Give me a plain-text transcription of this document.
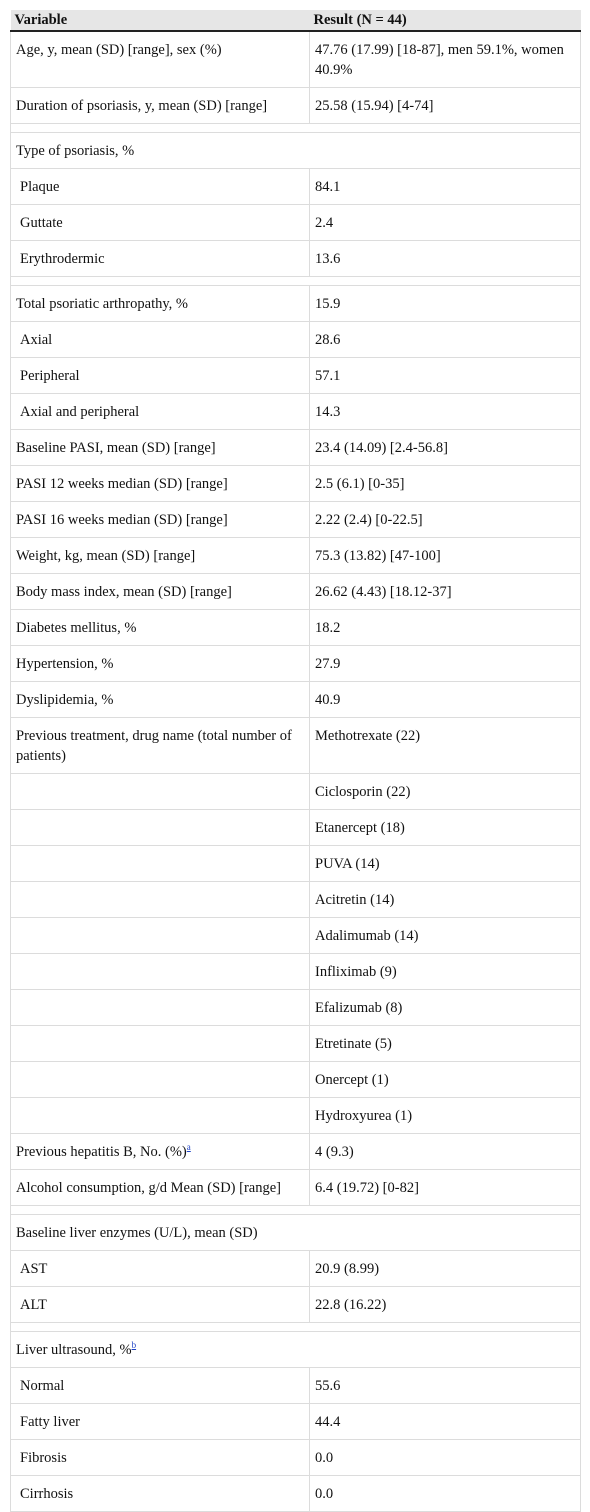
Variable	Result (N = 44)
Age, y, mean (SD) [range], sex (%)	47.76 (17.99) [18-87], men 59.1%, women 40.9%
Duration of psoriasis, y, mean (SD) [range]	25.58 (15.94) [4-74]

Type of psoriasis, %	
Plaque	84.1
Guttate	2.4
Erythrodermic	13.6

Total psoriatic arthropathy, %	15.9
Axial	28.6
Peripheral	57.1
Axial and peripheral	14.3
Baseline PASI, mean (SD) [range]	23.4 (14.09) [2.4-56.8]
PASI 12 weeks median (SD) [range]	2.5 (6.1) [0-35]
PASI 16 weeks median (SD) [range]	2.22 (2.4) [0-22.5]
Weight, kg, mean (SD) [range]	75.3 (13.82) [47-100]
Body mass index, mean (SD) [range]	26.62 (4.43) [18.12-37]
Diabetes mellitus, %	18.2
Hypertension, %	27.9
Dyslipidemia, %	40.9
Previous treatment, drug name (total number of patients)	Methotrexate (22)
	Ciclosporin (22)
	Etanercept (18)
	PUVA (14)
	Acitretin (14)
	Adalimumab (14)
	Infliximab (9)
	Efalizumab (8)
	Etretinate (5)
	Onercept (1)
	Hydroxyurea (1)
Previous hepatitis B, No. (%)$^a$	4 (9.3)
Alcohol consumption, g/d Mean (SD) [range]	6.4 (19.72) [0-82]

Baseline liver enzymes (U/L), mean (SD)	
AST	20.9 (8.99)
ALT	22.8 (16.22)

Liver ultrasound, %$^b$
Normal	55.6
Fatty liver	44.4
Fibrosis	0.0
Cirrhosis	0.0
